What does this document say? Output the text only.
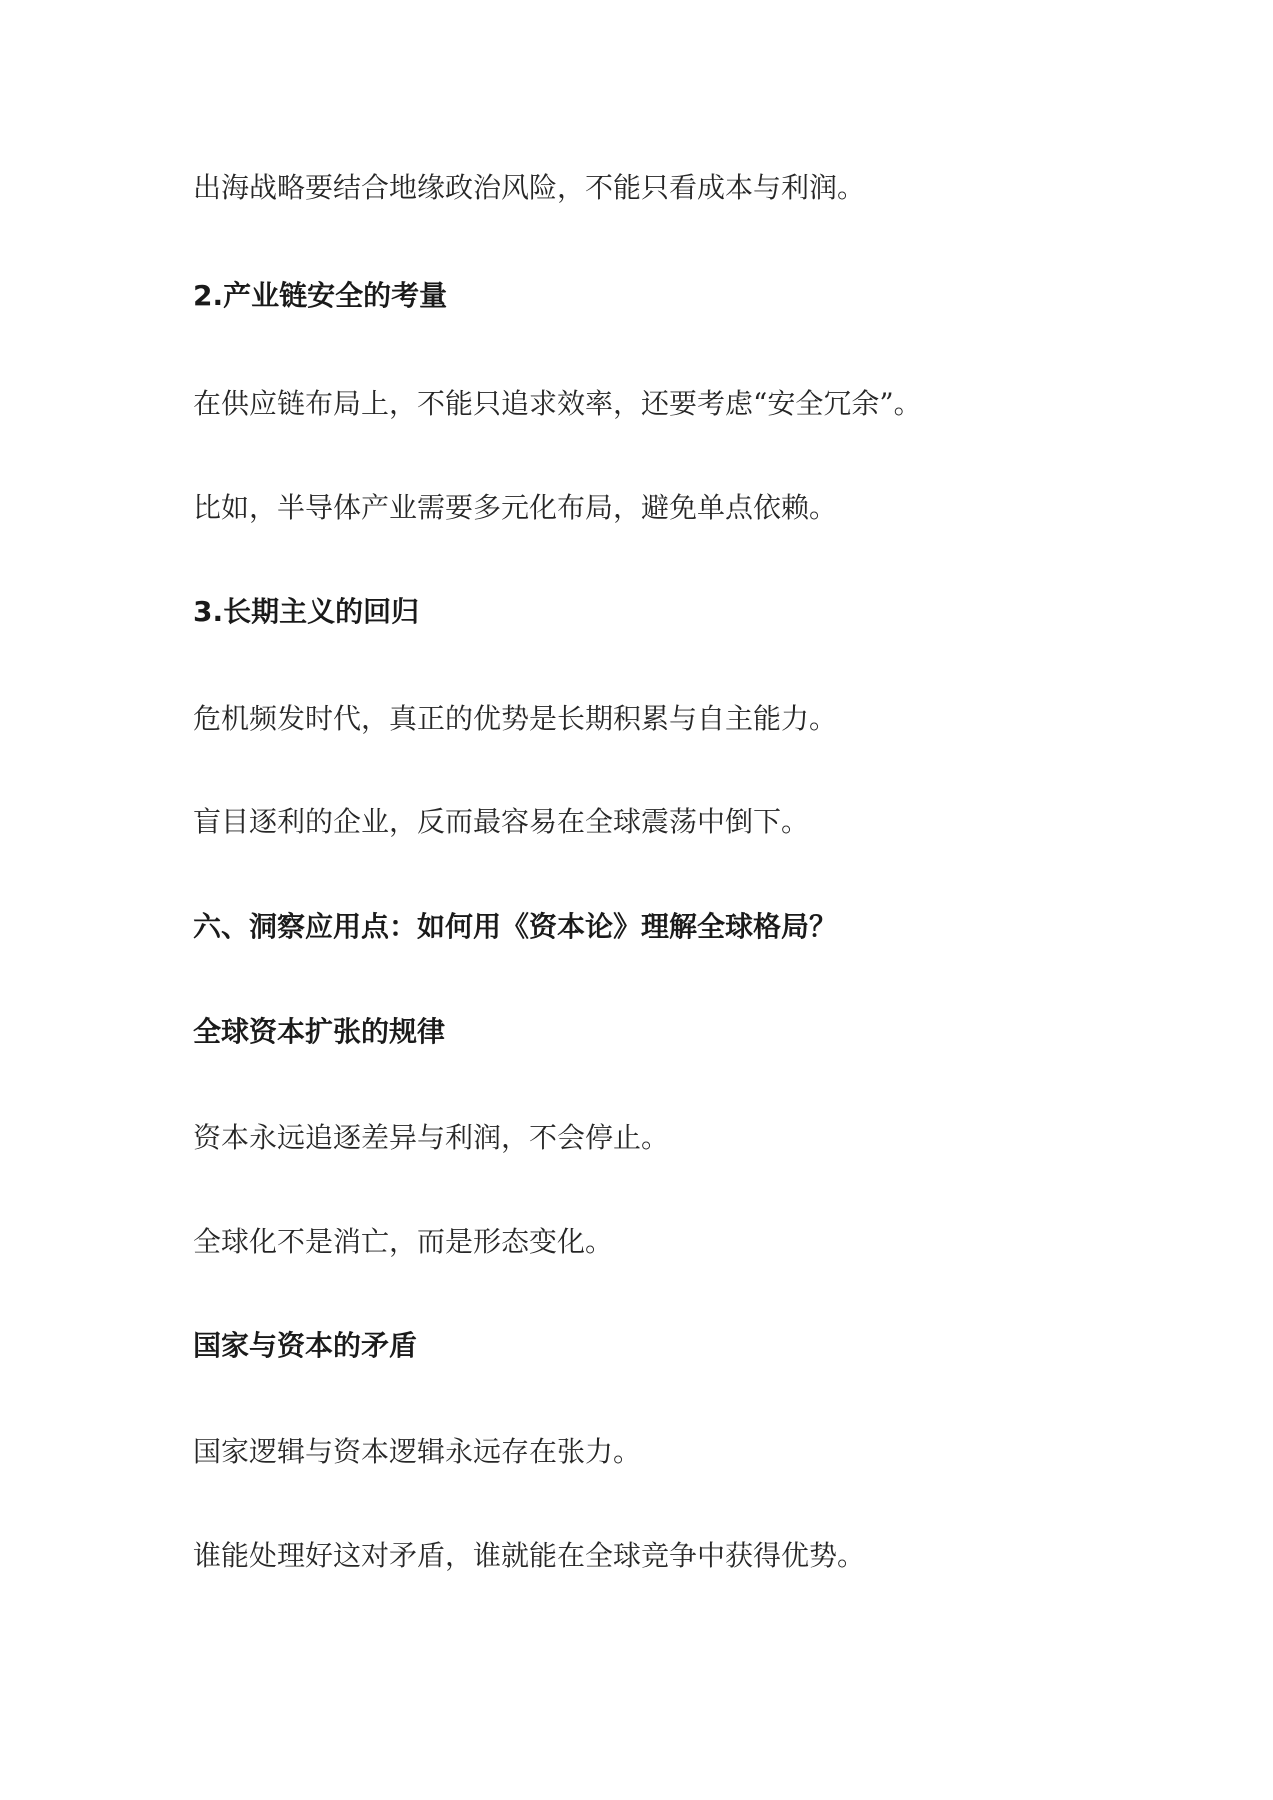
出海战略要结合地缘政治风险，不能只看成本与利润。
2.产业链安全的考量
在供应链布局上，不能只追求效率，还要考虑“安全冗余”。
比如，半导体产业需要多元化布局，避免单点依赖。
3.长期主义的回归
危机频发时代，真正的优势是长期积累与自主能力。
盲目逐利的企业，反而最容易在全球震荡中倒下。
六、洞察应用点：如何用《资本论》理解全球格局？
全球资本扩张的规律
资本永远追逐差异与利润，不会停止。
全球化不是消亡，而是形态变化。
国家与资本的矛盾
国家逻辑与资本逻辑永远存在张力。
谁能处理好这对矛盾，谁就能在全球竞争中获得优势。
